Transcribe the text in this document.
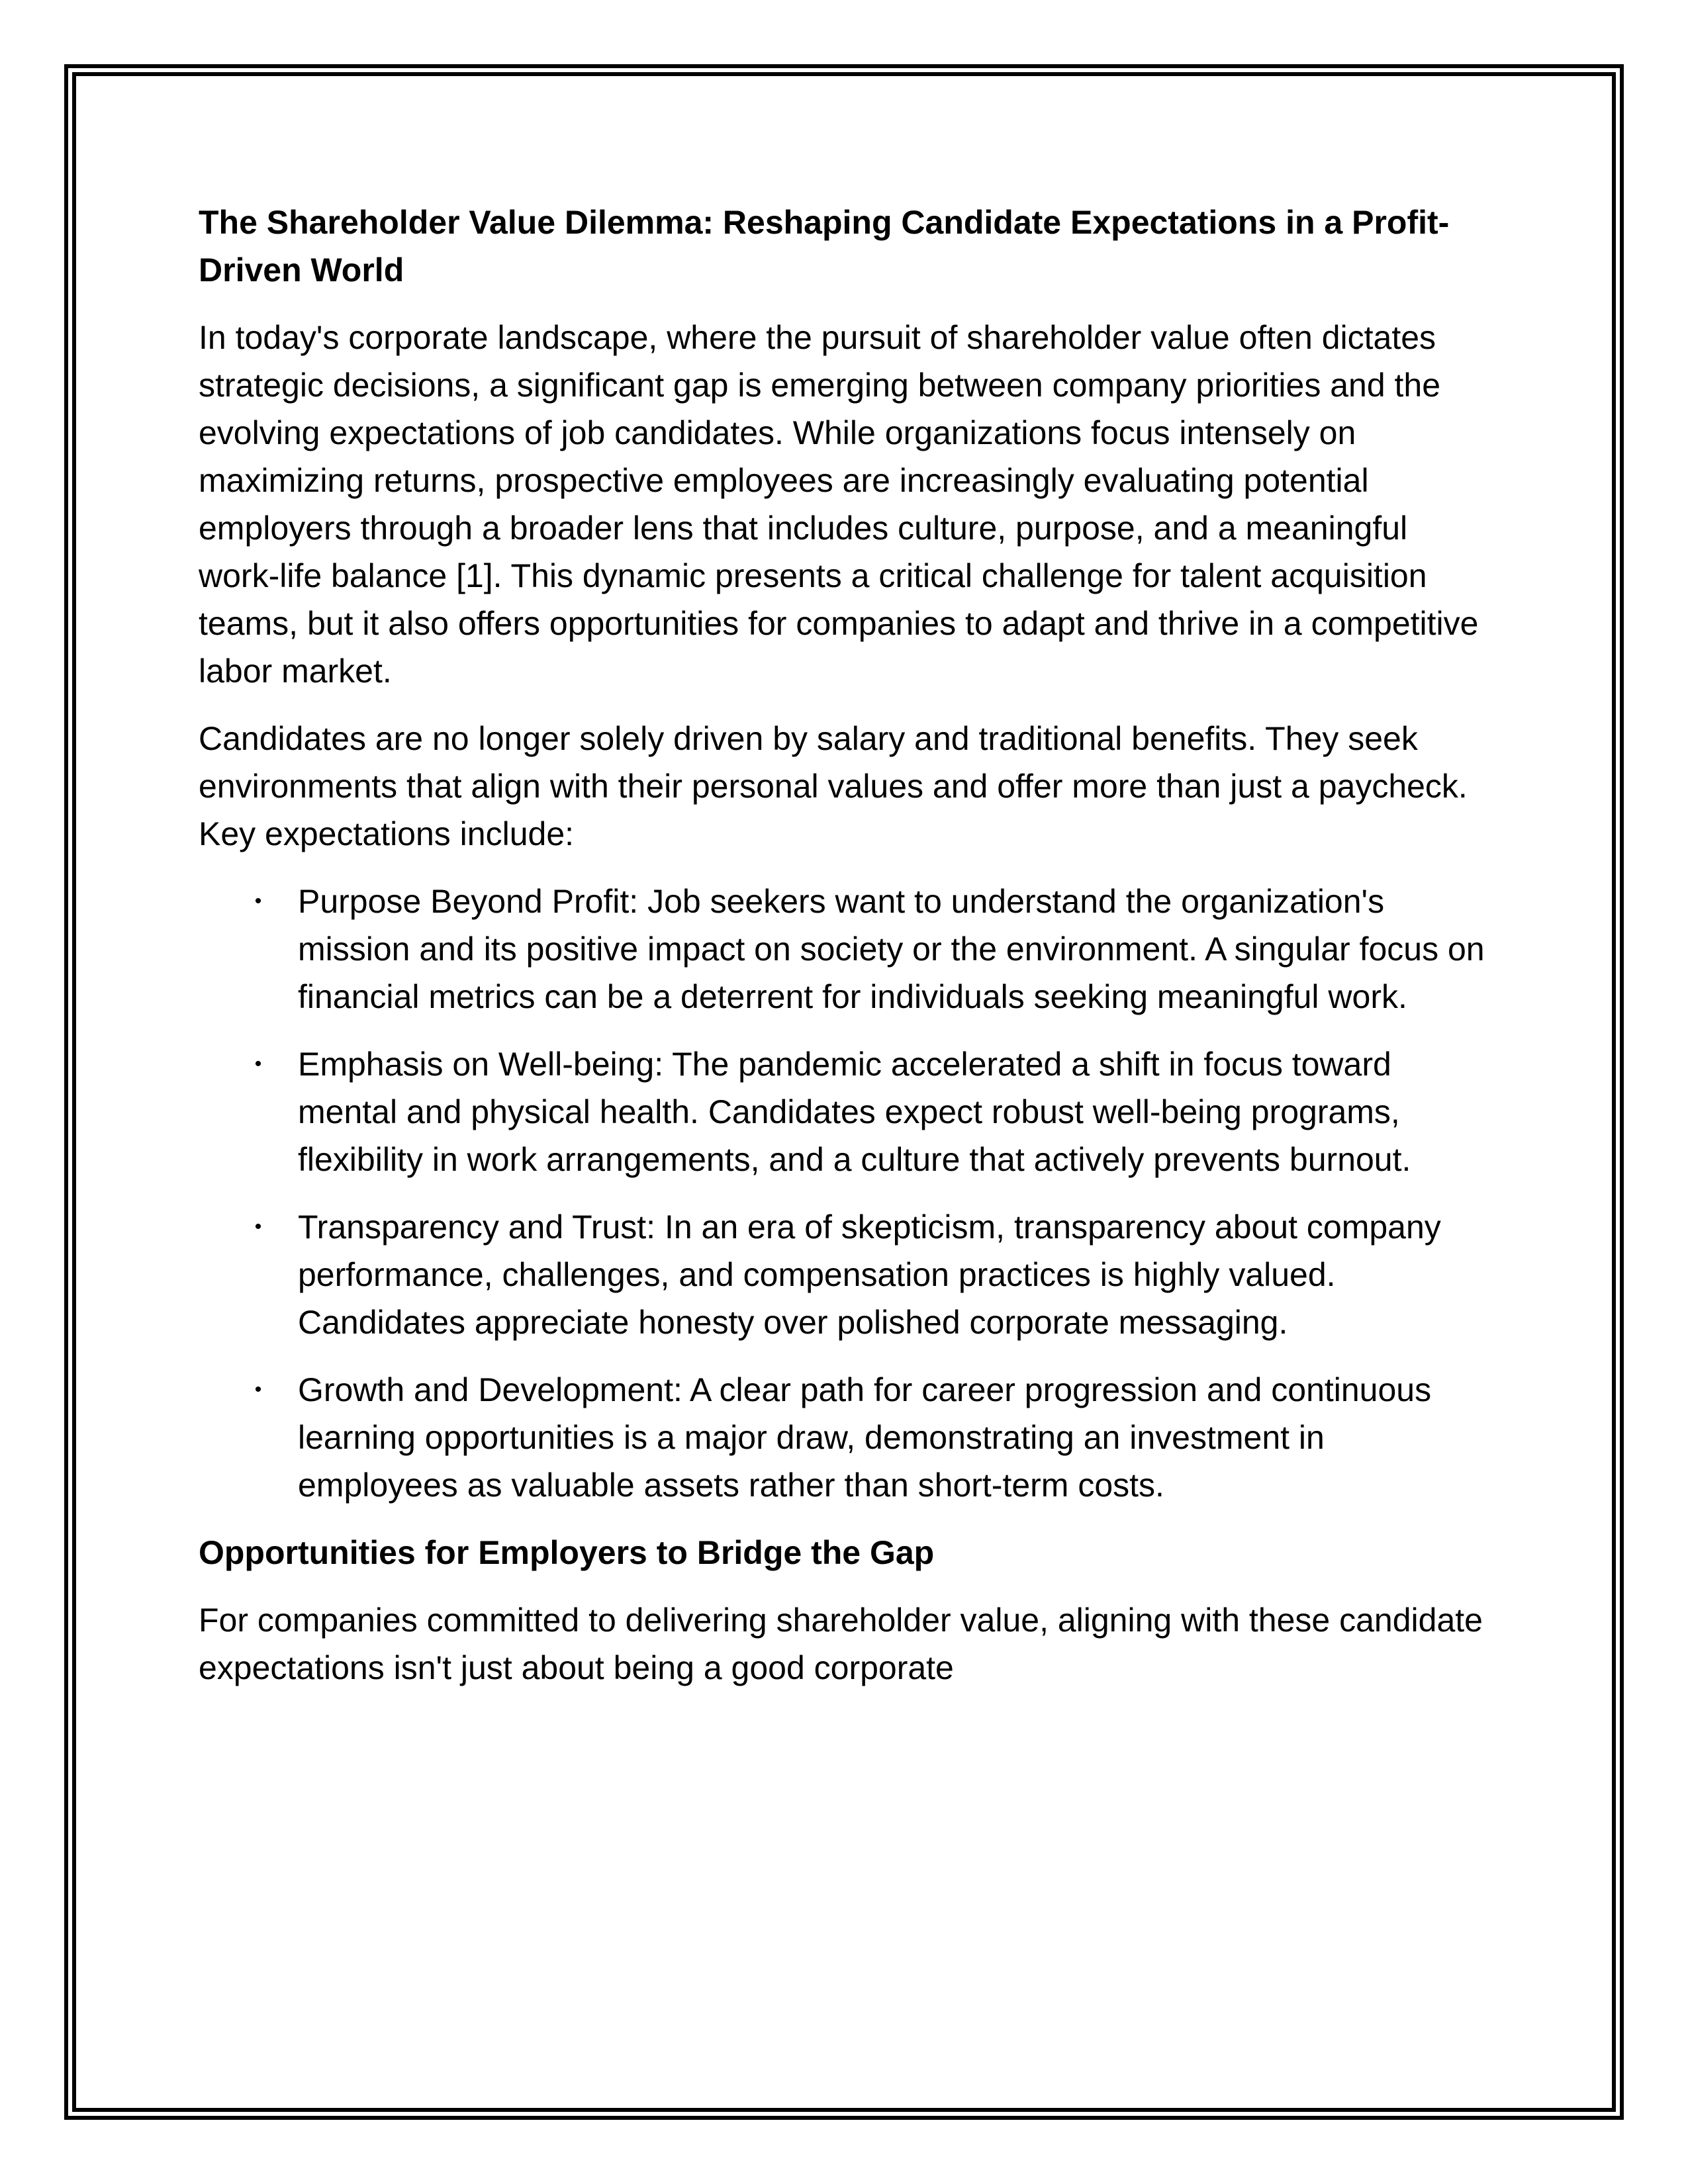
The Shareholder Value Dilemma: Reshaping Candidate Expectations in a Profit-Driven World

In today's corporate landscape, where the pursuit of shareholder value often dictates strategic decisions, a significant gap is emerging between company priorities and the evolving expectations of job candidates. While organizations focus intensely on maximizing returns, prospective employees are increasingly evaluating potential employers through a broader lens that includes culture, purpose, and a meaningful work-life balance [1]. This dynamic presents a critical challenge for talent acquisition teams, but it also offers opportunities for companies to adapt and thrive in a competitive labor market.

Candidates are no longer solely driven by salary and traditional benefits. They seek environments that align with their personal values and offer more than just a paycheck. Key expectations include:

• Purpose Beyond Profit: Job seekers want to understand the organization's mission and its positive impact on society or the environment. A singular focus on financial metrics can be a deterrent for individuals seeking meaningful work.
• Emphasis on Well-being: The pandemic accelerated a shift in focus toward mental and physical health. Candidates expect robust well-being programs, flexibility in work arrangements, and a culture that actively prevents burnout.
• Transparency and Trust: In an era of skepticism, transparency about company performance, challenges, and compensation practices is highly valued. Candidates appreciate honesty over polished corporate messaging.
• Growth and Development: A clear path for career progression and continuous learning opportunities is a major draw, demonstrating an investment in employees as valuable assets rather than short-term costs.
Opportunities for Employers to Bridge the Gap

For companies committed to delivering shareholder value, aligning with these candidate expectations isn't just about being a good corporate
